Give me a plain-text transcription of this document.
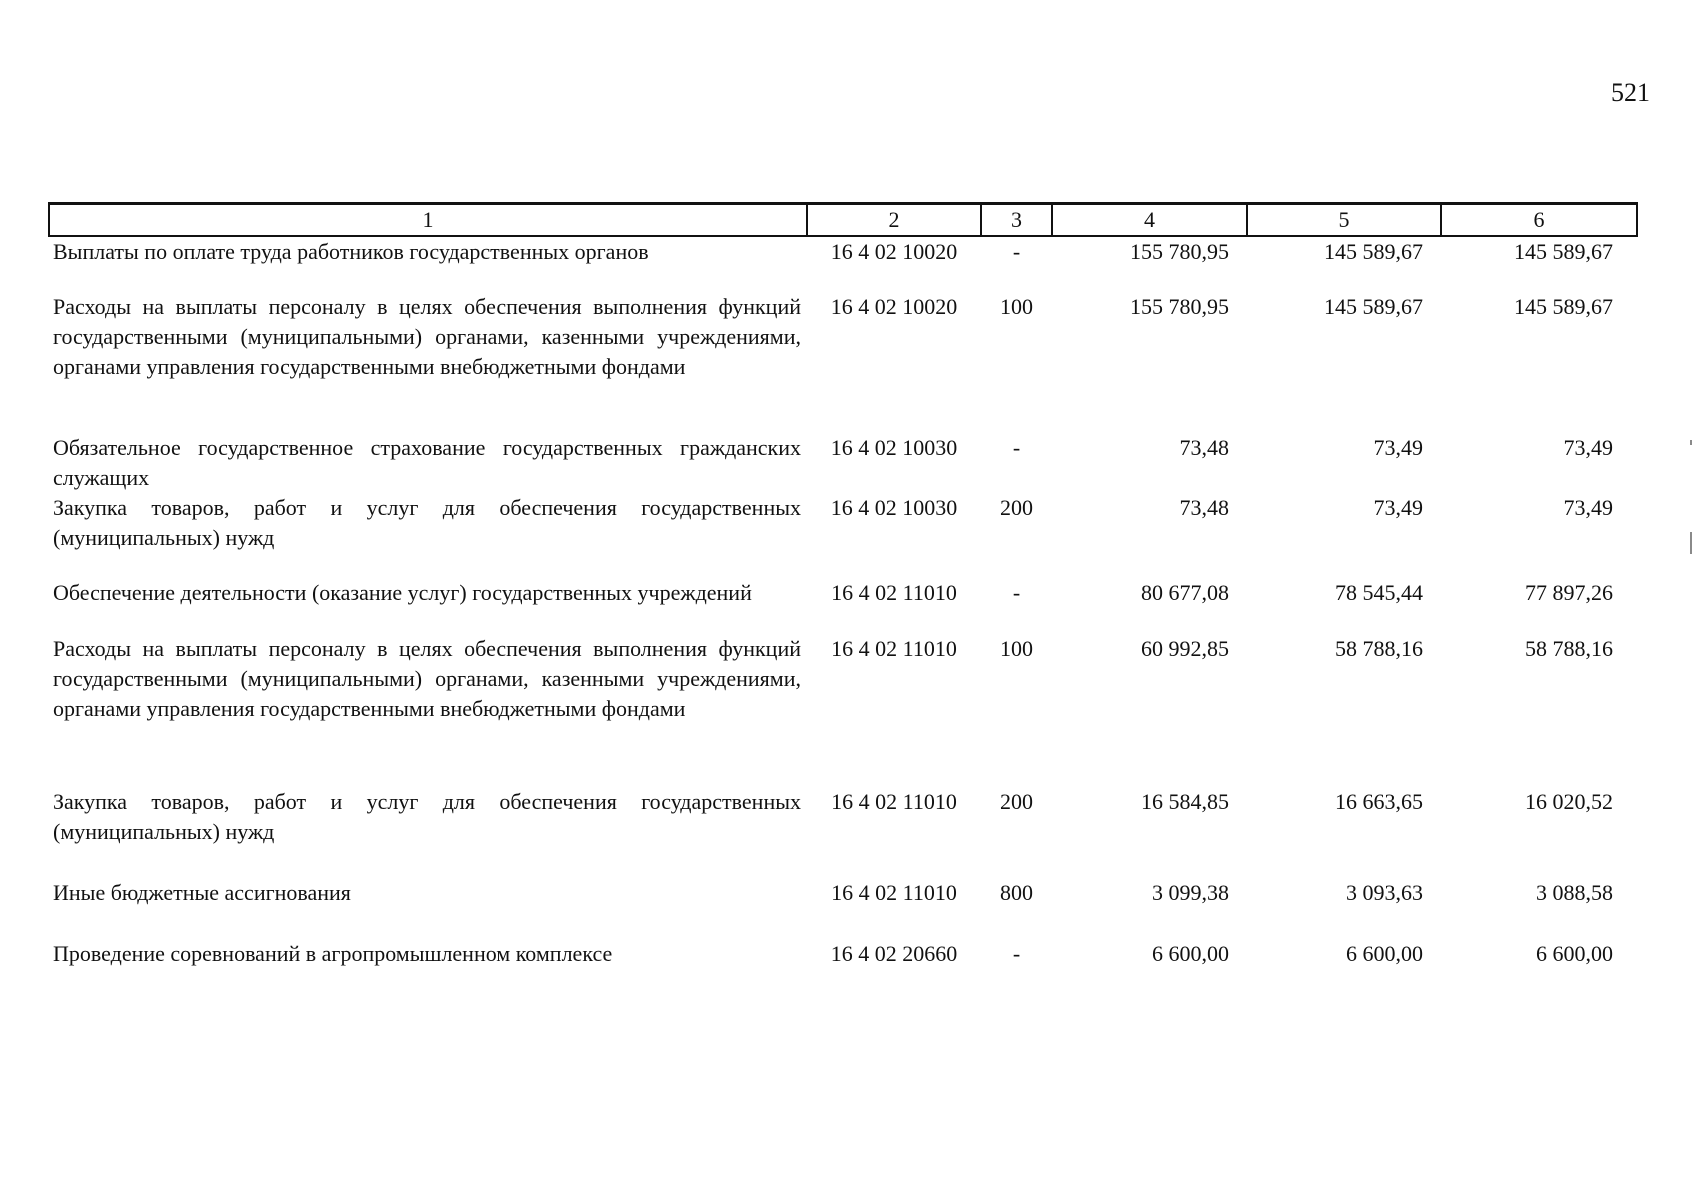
521
1	2	3	4	5	6
Выплаты по оплате труда работников государственных органов	16 4 02 10020	-	155 780,95	145 589,67	145 589,67
Расходы на выплаты персоналу в целях обеспечения выполнения функций государственными (муниципальными) органами, казенными учреждениями, органами управления государственными внебюджетными фондами	16 4 02 10020	100	155 780,95	145 589,67	145 589,67
Обязательное государственное страхование государственных гражданских служащих	16 4 02 10030	-	73,48	73,49	73,49
Закупка товаров, работ и услуг для обеспечения государственных (муниципальных) нужд	16 4 02 10030	200	73,48	73,49	73,49
Обеспечение деятельности (оказание услуг) государственных учреждений	16 4 02 11010	-	80 677,08	78 545,44	77 897,26
Расходы на выплаты персоналу в целях обеспечения выполнения функций государственными (муниципальными) органами, казенными учреждениями, органами управления государственными внебюджетными фондами	16 4 02 11010	100	60 992,85	58 788,16	58 788,16
Закупка товаров, работ и услуг для обеспечения государственных (муниципальных) нужд	16 4 02 11010	200	16 584,85	16 663,65	16 020,52
Иные бюджетные ассигнования	16 4 02 11010	800	3 099,38	3 093,63	3 088,58
Проведение соревнований в агропромышленном комплексе	16 4 02 20660	-	6 600,00	6 600,00	6 600,00
